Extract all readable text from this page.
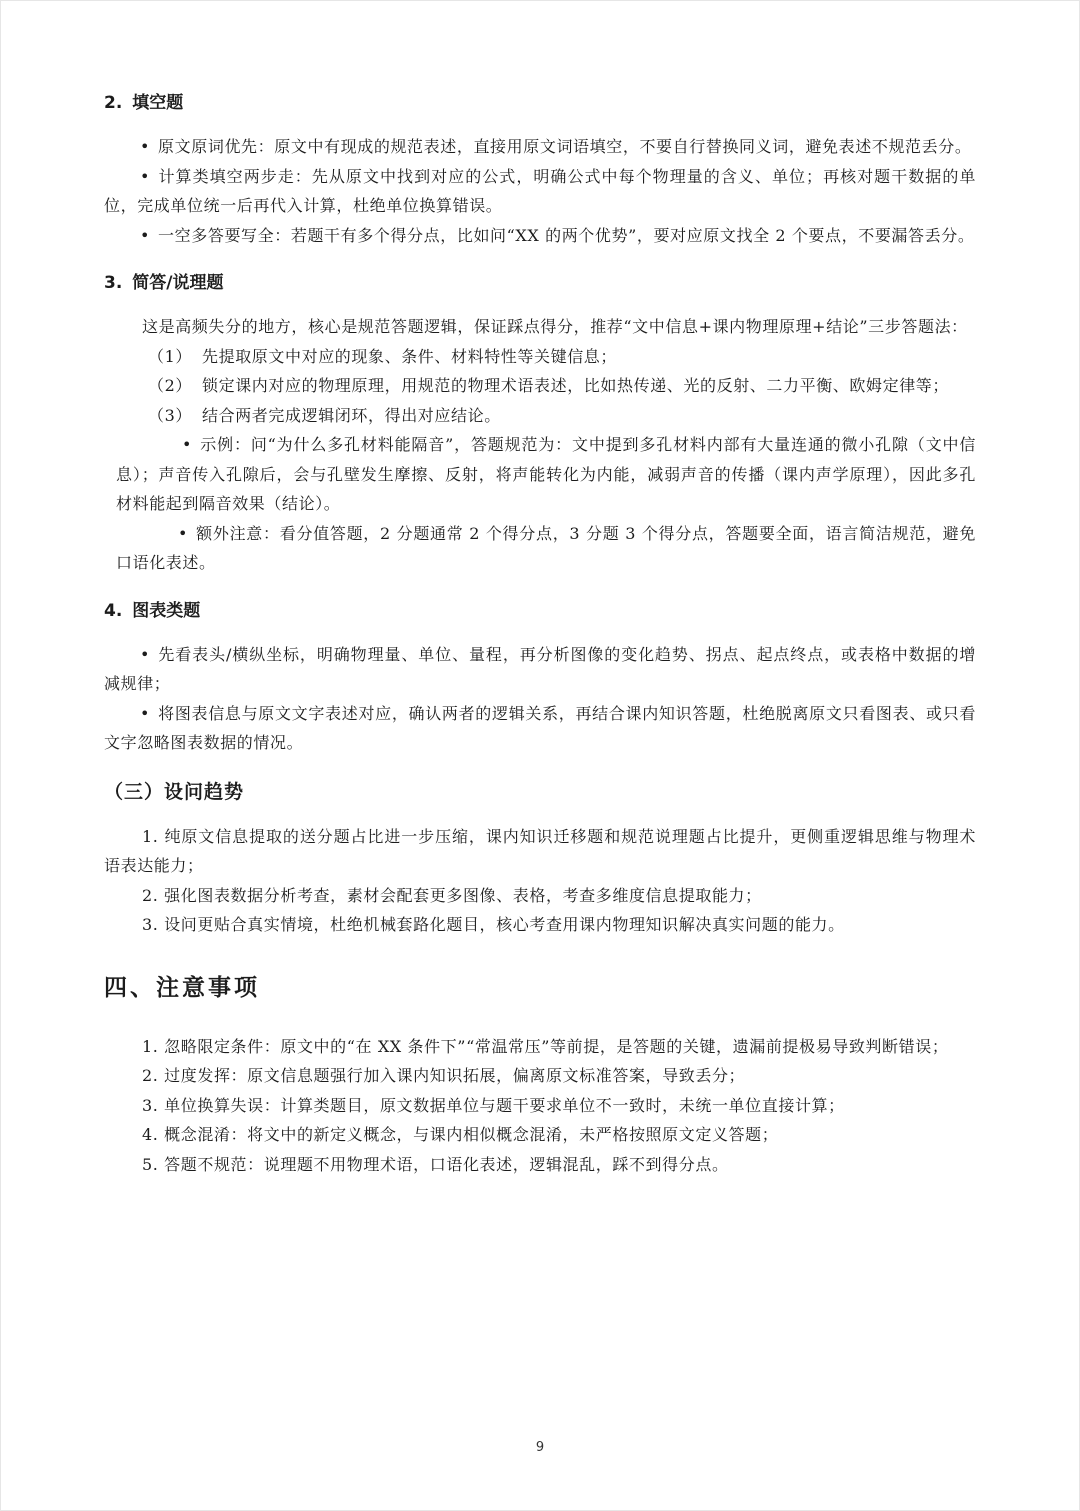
2. 填空题

• 原文原词优先：原文中有现成的规范表述，直接用原文词语填空，不要自行替换同义词，避免表述不规范丢分。

• 计算类填空两步走：先从原文中找到对应的公式，明确公式中每个物理量的含义、单位；再核对题干数据的单位，完成单位统一后再代入计算，杜绝单位换算错误。

• 一空多答要写全：若题干有多个得分点，比如问“XX 的两个优势”，要对应原文找全 2 个要点，不要漏答丢分。

3. 简答/说理题

这是高频失分的地方，核心是规范答题逻辑，保证踩点得分，推荐“文中信息+课内物理原理+结论”三步答题法：

（1） 先提取原文中对应的现象、条件、材料特性等关键信息；

（2） 锁定课内对应的物理原理，用规范的物理术语表述，比如热传递、光的反射、二力平衡、欧姆定律等；

（3） 结合两者完成逻辑闭环，得出对应结论。

• 示例：问“为什么多孔材料能隔音”，答题规范为：文中提到多孔材料内部有大量连通的微小孔隙（文中信息）；声音传入孔隙后，会与孔壁发生摩擦、反射，将声能转化为内能，减弱声音的传播（课内声学原理），因此多孔材料能起到隔音效果（结论）。

• 额外注意：看分值答题，2 分题通常 2 个得分点，3 分题 3 个得分点，答题要全面，语言简洁规范，避免口语化表述。

4. 图表类题

• 先看表头/横纵坐标，明确物理量、单位、量程，再分析图像的变化趋势、拐点、起点终点，或表格中数据的增减规律；

• 将图表信息与原文文字表述对应，确认两者的逻辑关系，再结合课内知识答题，杜绝脱离原文只看图表、或只看文字忽略图表数据的情况。

（三）设问趋势

1. 纯原文信息提取的送分题占比进一步压缩，课内知识迁移题和规范说理题占比提升，更侧重逻辑思维与物理术语表达能力；

2. 强化图表数据分析考查，素材会配套更多图像、表格，考查多维度信息提取能力；

3. 设问更贴合真实情境，杜绝机械套路化题目，核心考查用课内物理知识解决真实问题的能力。

四、注意事项

1. 忽略限定条件：原文中的“在 XX 条件下”“常温常压”等前提，是答题的关键，遗漏前提极易导致判断错误；

2. 过度发挥：原文信息题强行加入课内知识拓展，偏离原文标准答案，导致丢分；

3. 单位换算失误：计算类题目，原文数据单位与题干要求单位不一致时，未统一单位直接计算；

4. 概念混淆：将文中的新定义概念，与课内相似概念混淆，未严格按照原文定义答题；

5. 答题不规范：说理题不用物理术语，口语化表述，逻辑混乱，踩不到得分点。

9
